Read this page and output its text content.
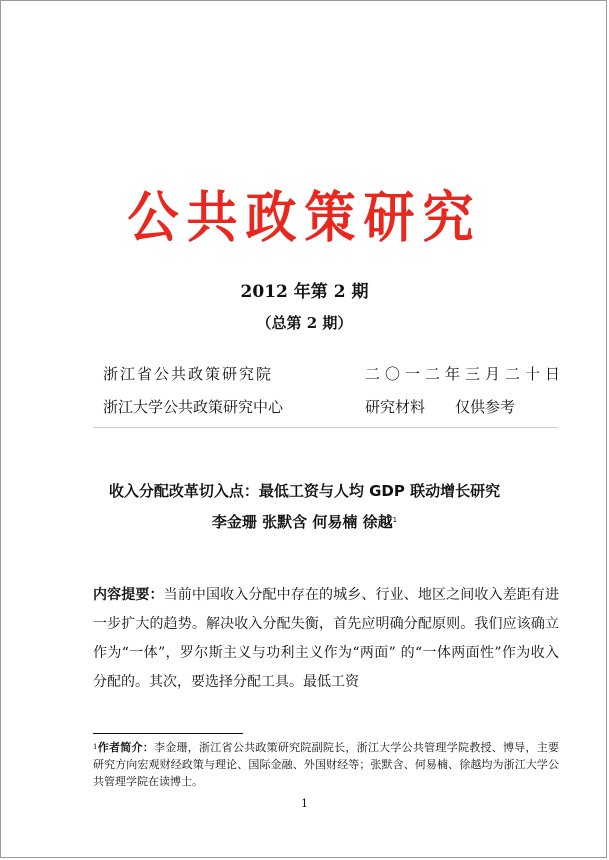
公共政策研究
2012 年第 2 期
（总第 2 期）
浙江省公共政策研究院	二〇一二年三月二十日
浙江大学公共政策研究中心	研究材料 仅供参考
收入分配改革切入点：最低工资与人均 GDP 联动增长研究
李金珊 张默含 何易楠 徐越$^1$
内容提要：当前中国收入分配中存在的城乡、行业、地区之间收入差距有进一步扩大的趋势。解决收入分配失衡，首先应明确分配原则。我们应该确立作为“一体”，罗尔斯主义与功利主义作为“两面” 的“一体两面性”作为收入分配的。其次，要选择分配工具。最低工资
$^1$作者简介：李金珊，浙江省公共政策研究院副院长，浙江大学公共管理学院教授、博导，主要研究方向宏观财经政策与理论、国际金融、外国财经等；张默含、何易楠、徐越均为浙江大学公共管理学院在读博士。
1
